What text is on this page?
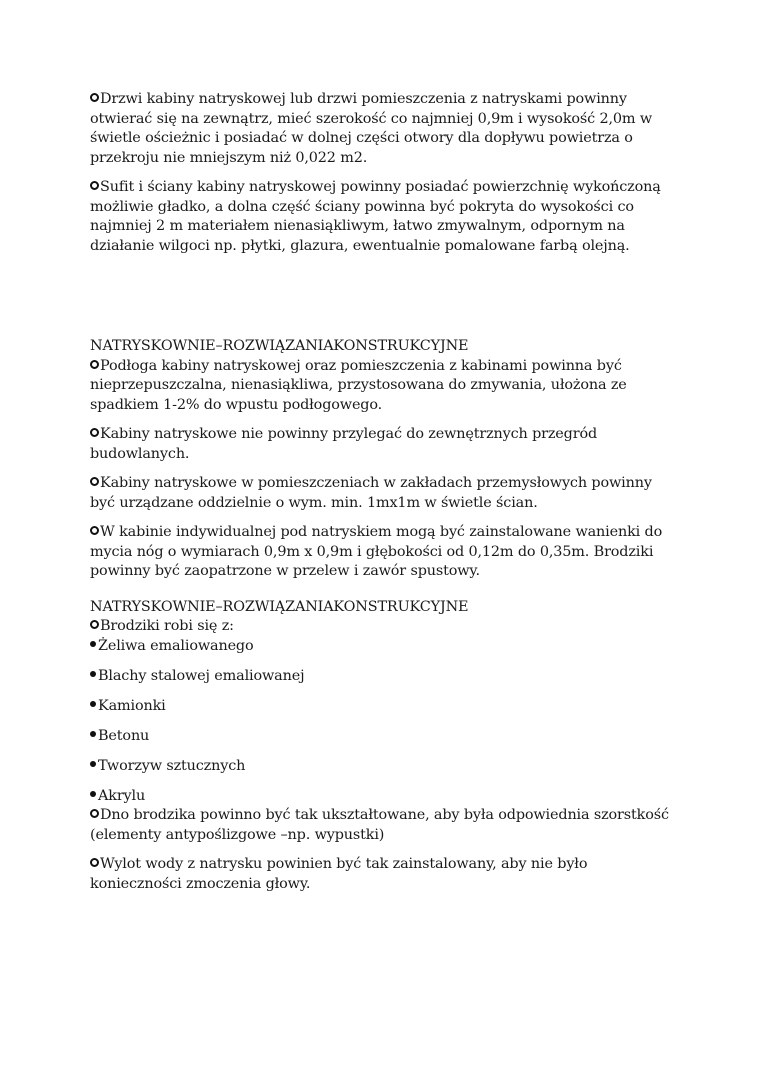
Drzwi kabiny natryskowej lub drzwi pomieszczenia z natryskami powinny otwierać się na zewnątrz, mieć szerokość co najmniej 0,9m i wysokość 2,0m w świetle ościeżnic i posiadać w dolnej części otwory dla dopływu powietrza o przekroju nie mniejszym niż 0,022 m2.

Sufit i ściany kabiny natryskowej powinny posiadać powierzchnię wykończoną możliwie gładko, a dolna część ściany powinna być pokryta do wysokości co najmniej 2 m materiałem nienasiąkliwym, łatwo zmywalnym, odpornym na działanie wilgoci np. płytki, glazura, ewentualnie pomalowane farbą olejną.

NATRYSKOWNIE–ROZWIĄZANIAKONSTRUKCYJNE

Podłoga kabiny natryskowej oraz pomieszczenia z kabinami powinna być nieprzepuszczalna, nienasiąkliwa, przystosowana do zmywania, ułożona ze spadkiem 1-2% do wpustu podłogowego.

Kabiny natryskowe nie powinny przylegać do zewnętrznych przegród budowlanych.

Kabiny natryskowe w pomieszczeniach w zakładach przemysłowych powinny być urządzane oddzielnie o wym. min. 1mx1m w świetle ścian.

W kabinie indywidualnej pod natryskiem mogą być zainstalowane wanienki do mycia nóg o wymiarach 0,9m x 0,9m i głębokości od 0,12m do 0,35m. Brodziki powinny być zaopatrzone w przelew i zawór spustowy.

NATRYSKOWNIE–ROZWIĄZANIAKONSTRUKCYJNE

Brodziki robi się z:

Żeliwa emaliowanego
Blachy stalowej emaliowanej
Kamionki
Betonu
Tworzyw sztucznych
Akrylu

Dno brodzika powinno być tak ukształtowane, aby była odpowiednia szorstkość (elementy antypoślizgowe –np. wypustki)

Wylot wody z natrysku powinien być tak zainstalowany, aby nie było konieczności zmoczenia głowy.
